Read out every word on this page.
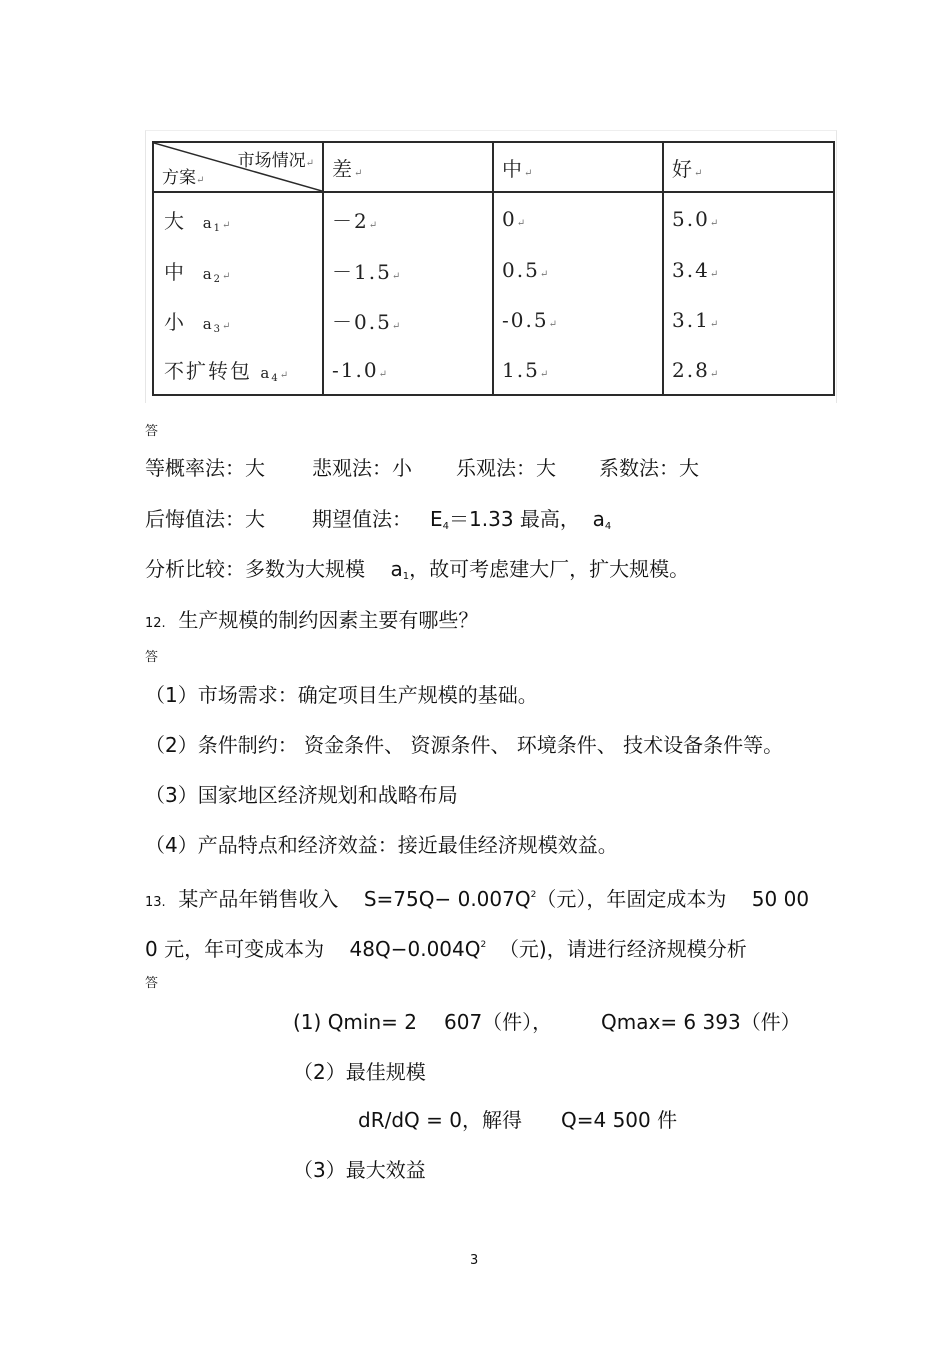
市场情况↵
方案↵	差↵	中↵	好↵
大 $a_1↵$	－2↵	0↵	5.0↵
中 $a_2↵$	－1.5↵	0.5↵	3.4↵
小 $a_3↵$	－0.5↵	-0.5↵	3.1↵
不扩转包 $a_4↵$	-1.0↵	1.5↵	2.8↵
答
等概率法：大 悲观法：小 乐观法：大 系数法：大
后悔值法：大 期望值法： $E_4=1.33$ 最高， $a_4$
分析比较：多数为大规模 $a_1$，故可考虑建大厂，扩大规模。
12. 生产规模的制约因素主要有哪些？
答
（1）市场需求：确定项目生产规模的基础。
（2）条件制约： 资金条件、 资源条件、 环境条件、 技术设备条件等。
（3）国家地区经济规划和战略布局
（4）产品特点和经济效益：接近最佳经济规模效益。
13. 某产品年销售收入 $S=75Q- 0.007Q^2$（元），年固定成本为 50 00
0 元，年可变成本为 $48Q-0.004Q^2$ （元)，请进行经济规模分析
答
(1) Qmin= 2 607（件）， Qmax= 6 393（件）
（2）最佳规模
dR/dQ = 0，解得 Q=4 500 件
（3）最大效益
3
